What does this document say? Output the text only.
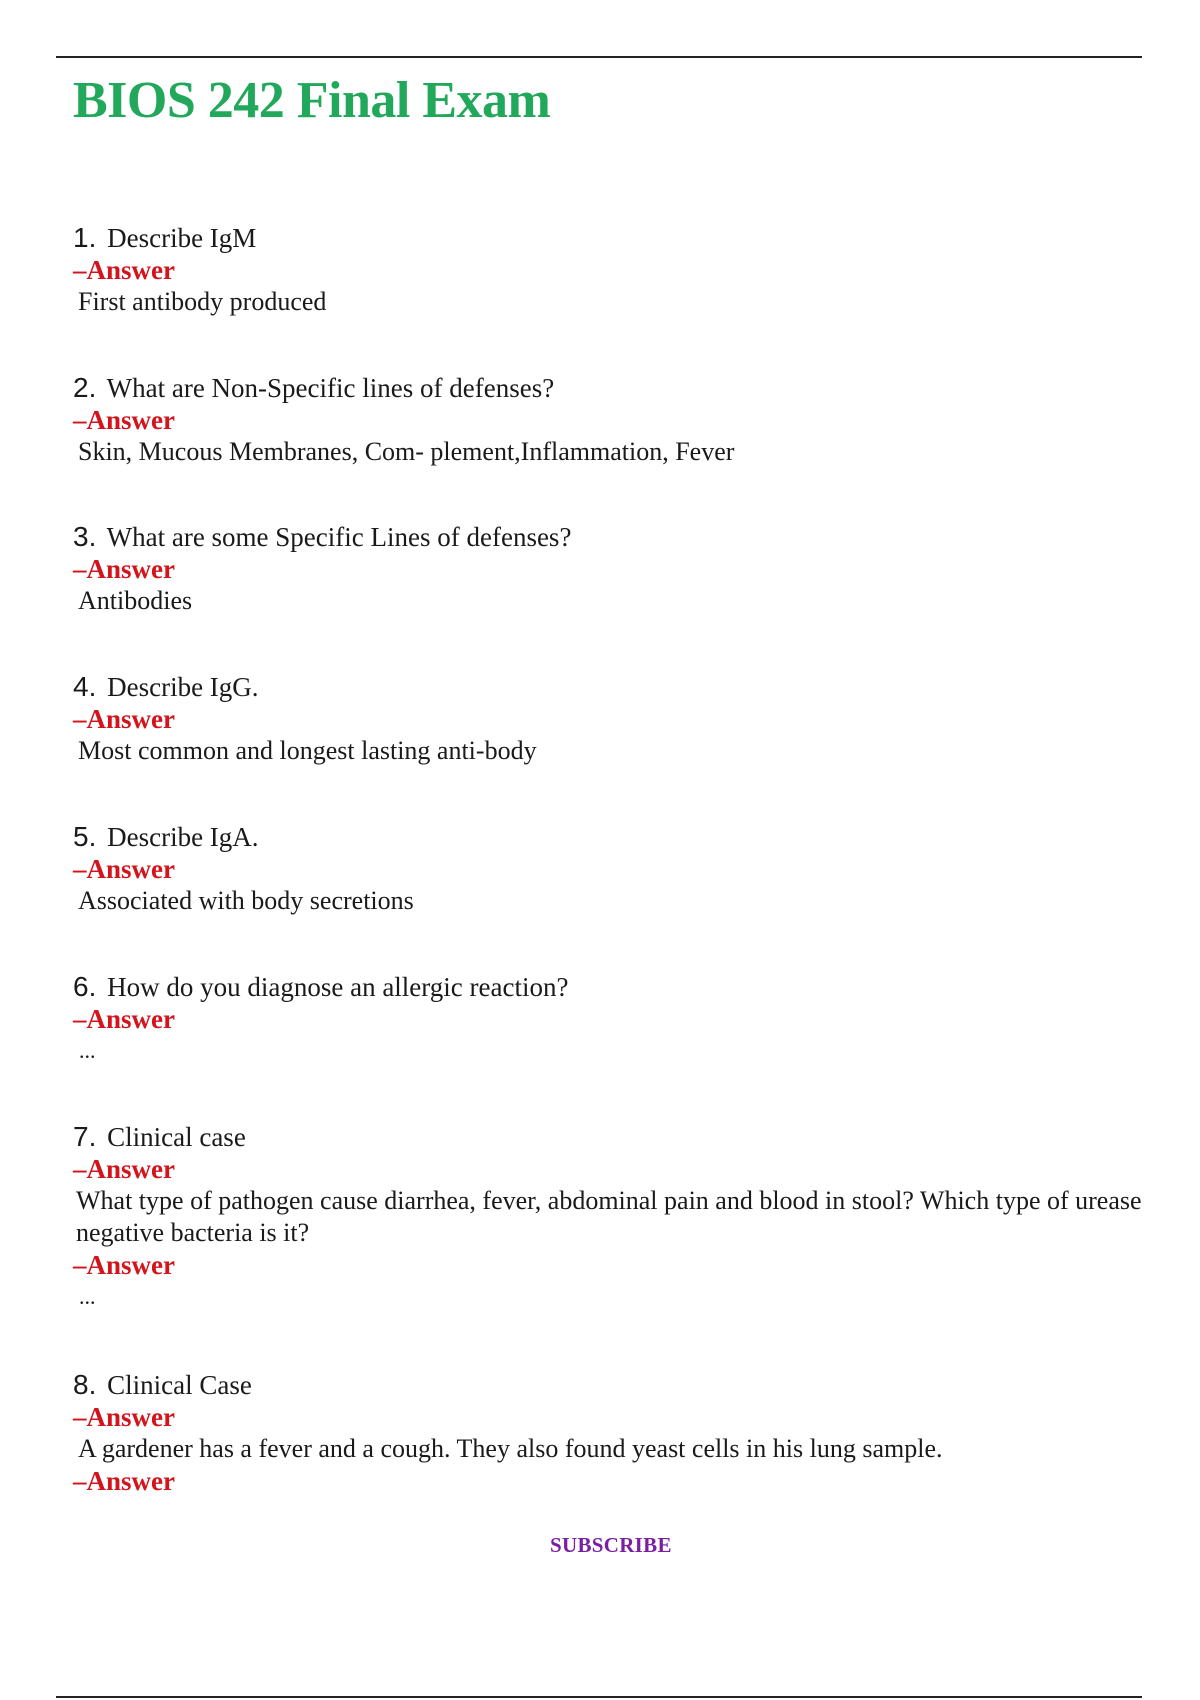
BIOS 242 Final Exam
1. Describe IgM
–Answer
First antibody produced
2. What are Non-Specific lines of defenses?
–Answer
Skin, Mucous Membranes, Com- plement,Inflammation, Fever
3. What are some Specific Lines of defenses?
–Answer
Antibodies
4. Describe IgG.
–Answer
Most common and longest lasting anti-body
5. Describe IgA.
–Answer
Associated with body secretions
6. How do you diagnose an allergic reaction?
–Answer
...
7. Clinical case
–Answer
What type of pathogen cause diarrhea, fever, abdominal pain and blood in stool? Which type of urease negative bacteria is it?
–Answer
...
8. Clinical Case
–Answer
A gardener has a fever and a cough. They also found yeast cells in his lung sample.
–Answer
SUBSCRIBE
